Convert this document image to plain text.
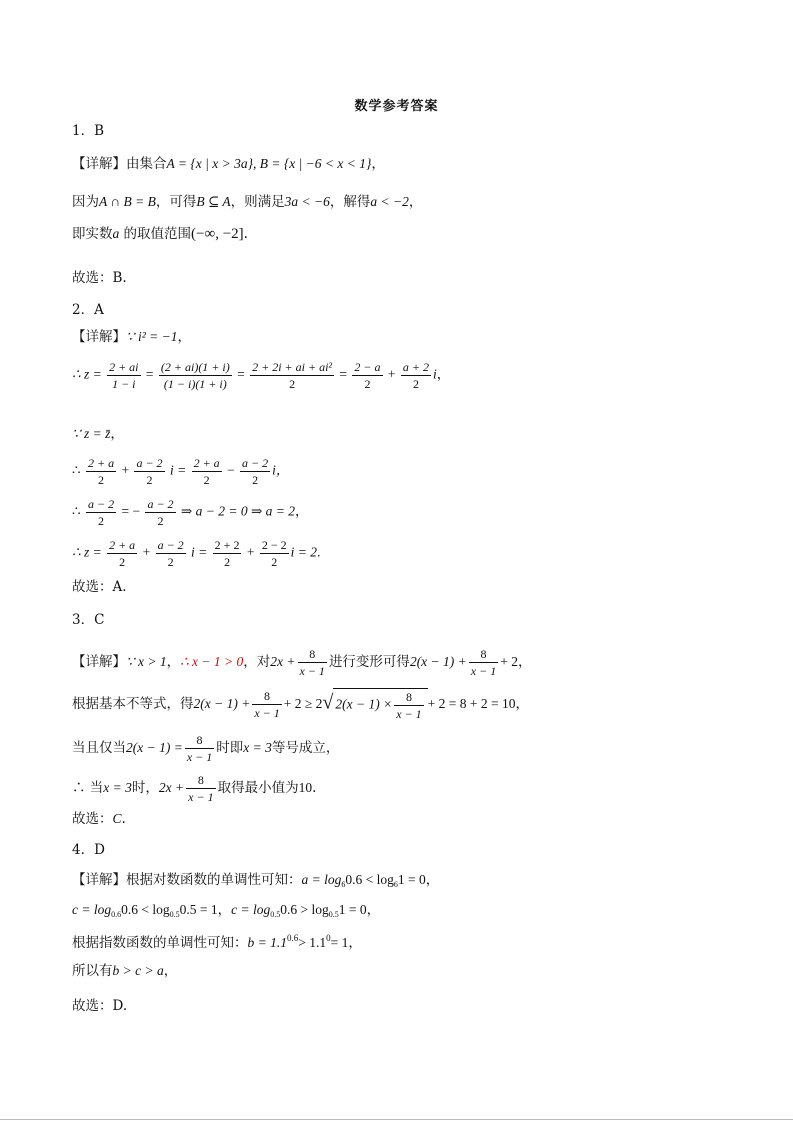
数学参考答案
1．B
【详解】由集合A = {x | x > 3a}, B = {x | −6 < x < 1}，
因为A ∩ B = B，可得B ⊆ A，则满足3a < −6，解得a < −2，
即实数a 的取值范围(−∞, −2].
故选：B.
2．A
【详解】∵ i² = −1，
∴ $z = \frac{2 + ai}{1 - i} = \frac{(2 + ai)(1 + i)}{(1 - i)(1 + i)} = \frac{\text{2 + 2i + ai + ai²}}{2} = \frac{2 - a}{2} + \frac{a + 2}{2}$ i，
∵ z = z̄，
∴ $\frac{2 + a}{2} + \frac{a - 2}{2}$ $i = \frac{2 + a}{2} - \frac{a - 2}{2}$ i，
∴ $\frac{a - 2}{2}$ = − $\frac{a - 2}{2}$ ⇒ a − 2 = 0 ⇒ a = 2，
∴ $z = \frac{2 + a}{2} + \frac{a - 2}{2}$ $i = \frac{2 + 2}{2} + \frac{2 - 2}{2}$ i = 2.
故选：A.
3．C
【详解】∵ x > 1，∴ x − 1 > 0，对$2x + \frac{8}{x - 1}$ 进行变形可得$2(x - 1) + \frac{8}{x - 1} + 2$，
根据基本不等式，得$2(x - 1) + \frac{8}{x - 1} + 2 \ge 2√$ $2(x - 1) \times \frac{8}{x - 1} + 2 = 8 + 2 = 10$，
当且仅当$2(x - 1) = \frac{8}{x - 1}$ 时即x = 3等号成立，
∴ 当x = 3时，$2x + \frac{8}{x - 1}$ 取得最小值为10.
故选：C.
4．D
【详解】根据对数函数的单调性可知：$a = \log_60.6 < \log_61 = 0$，
$c = \log_{0.6}0.6 < \log_{0.5}0.5 = 1$，$c = \log_{0.5}0.6 > \log_{0.5}1 = 0$，
根据指数函数的单调性可知：$b = 1.1^{0.6}> 1.1^0= 1$，
所以有b > c > a，
故选：D.
